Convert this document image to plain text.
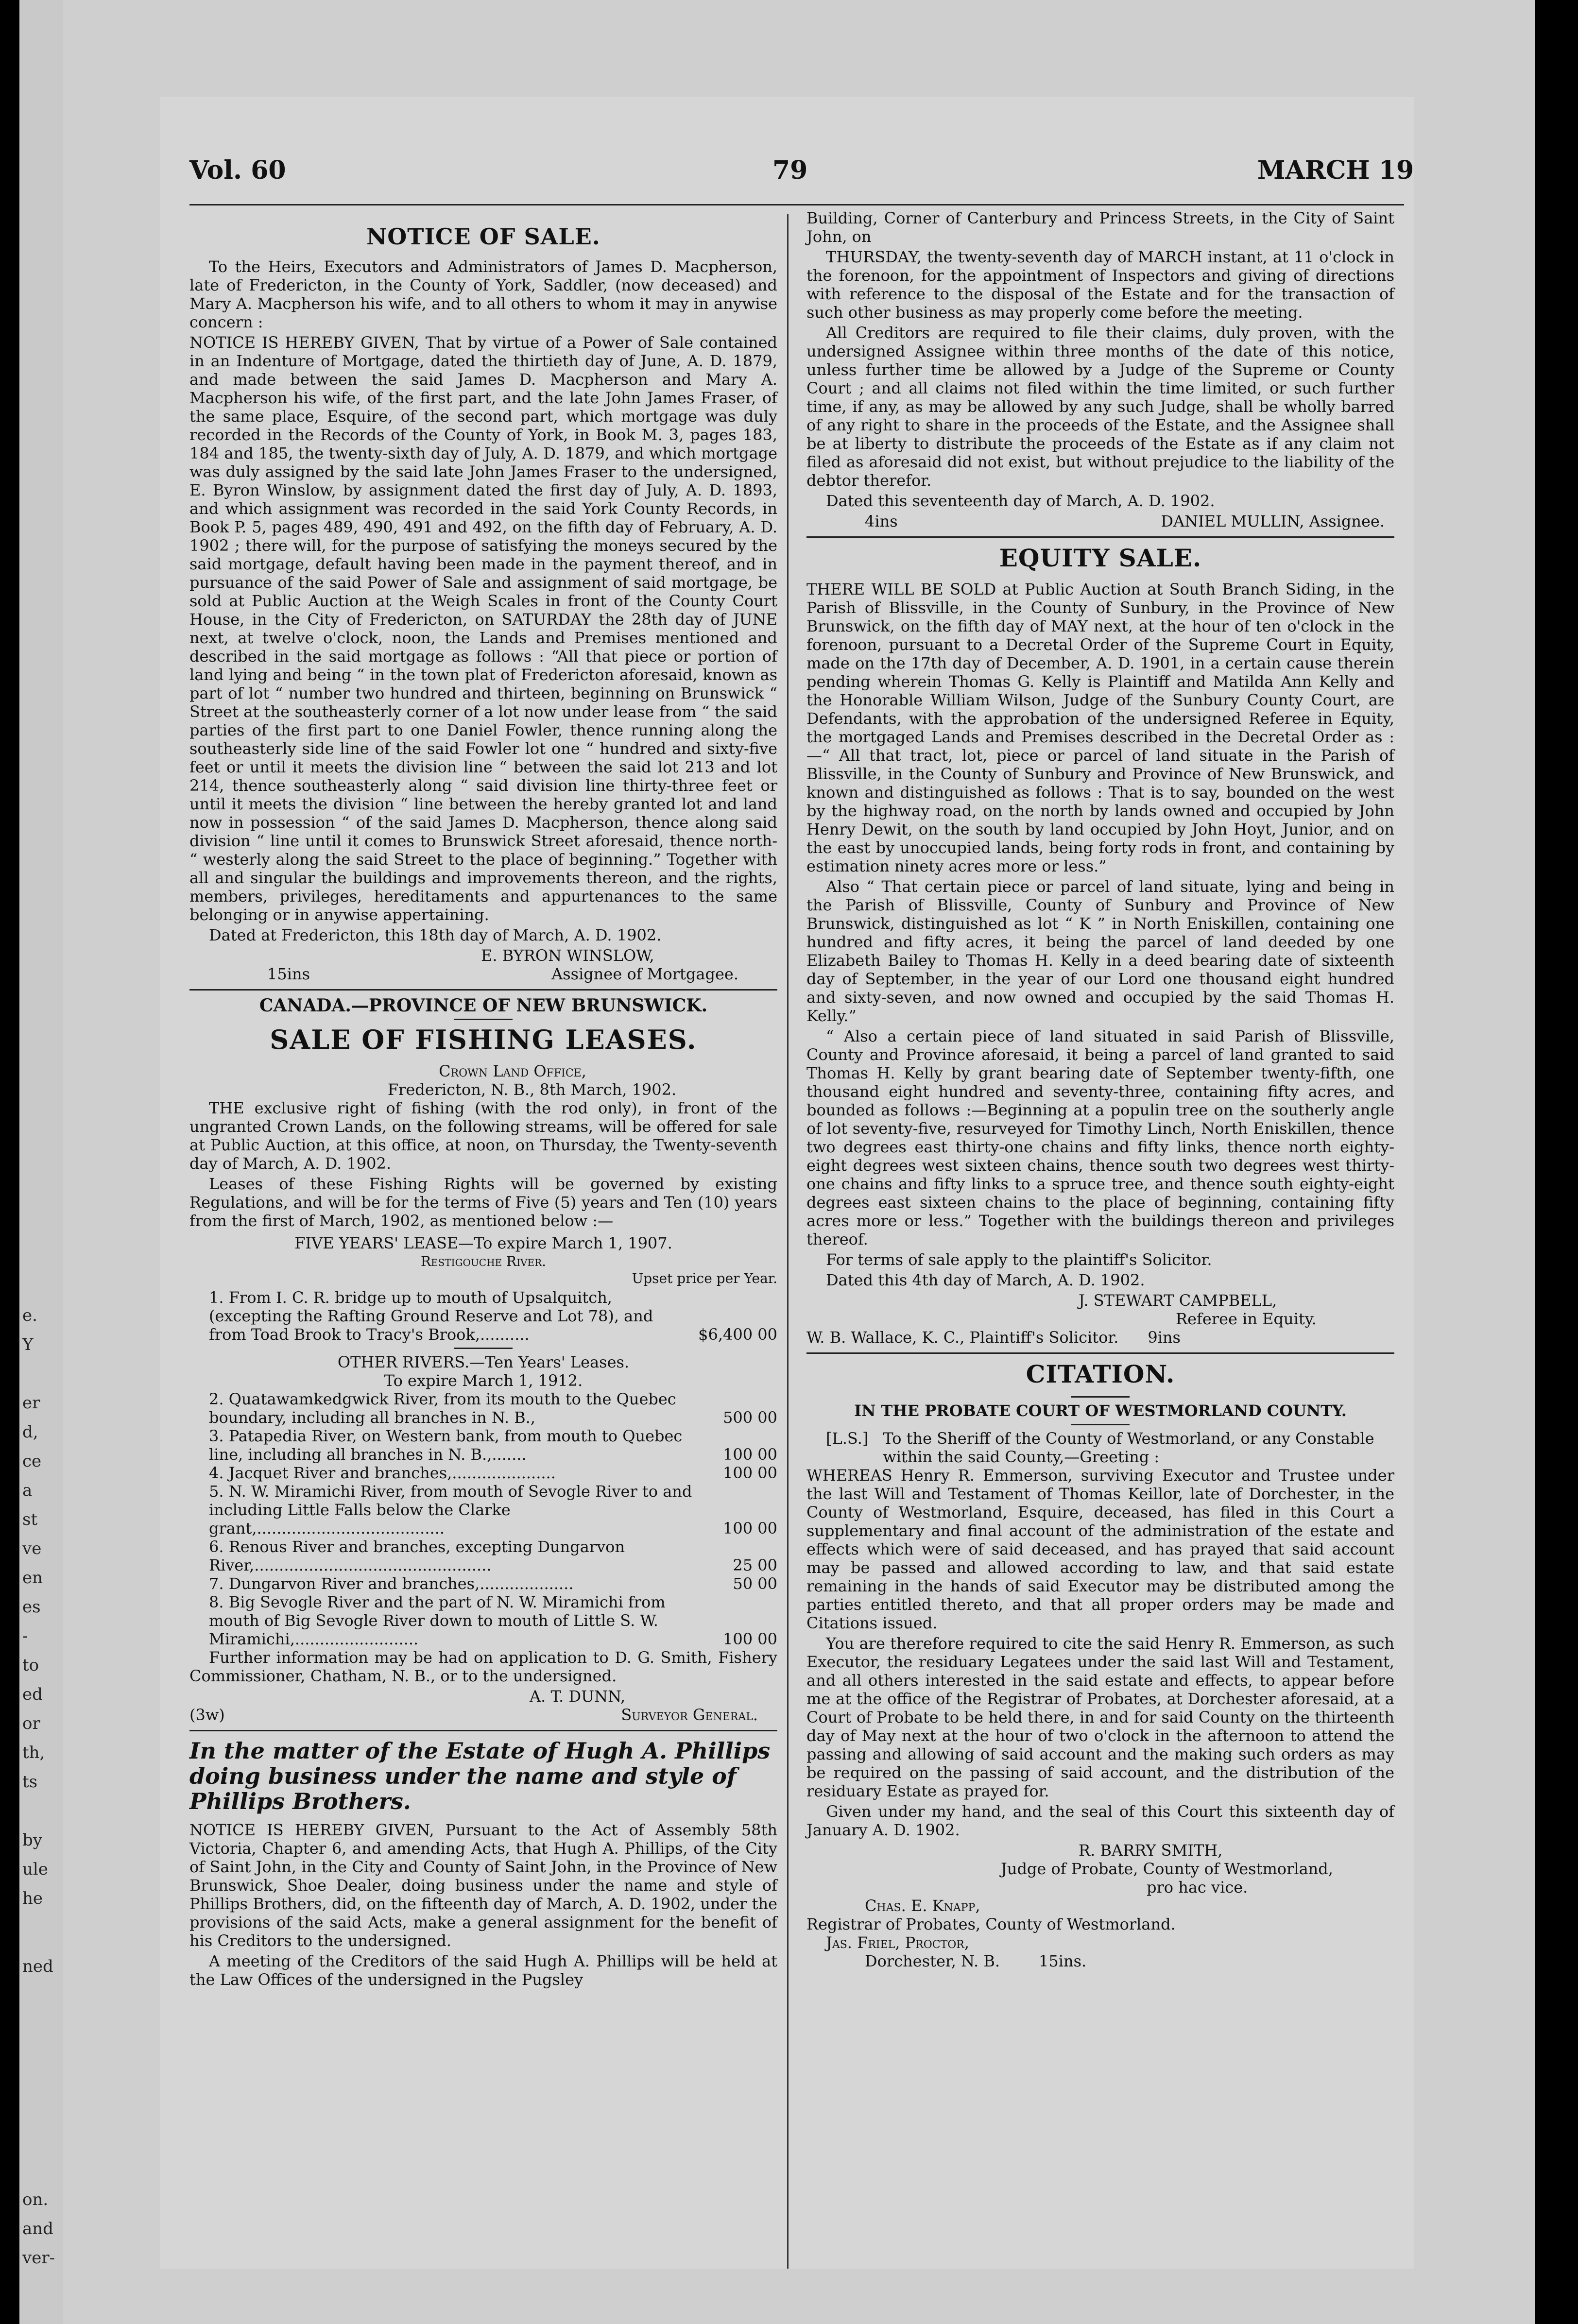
e.
Y
er
d,
ce
a
st
ve
en
es
-
to
ed
or
th,
ts
by
ule
he
ned
on.
and
ver-
Vol. 60	79	MARCH 19
NOTICE OF SALE.
To the Heirs, Executors and Administrators of James D. Macpherson, late of Fredericton, in the County of York, Saddler, (now deceased) and Mary A. Macpherson his wife, and to all others to whom it may in anywise concern :
NOTICE IS HEREBY GIVEN, That by virtue of a Power of Sale contained in an Indenture of Mortgage, dated the thirtieth day of June, A. D. 1879, and made between the said James D. Macpherson and Mary A. Macpherson his wife, of the first part, and the late John James Fraser, of the same place, Esquire, of the second part, which mortgage was duly recorded in the Records of the County of York, in Book M. 3, pages 183, 184 and 185, the twenty-sixth day of July, A. D. 1879, and which mortgage was duly assigned by the said late John James Fraser to the undersigned, E. Byron Winslow, by assignment dated the first day of July, A. D. 1893, and which assignment was recorded in the said York County Records, in Book P. 5, pages 489, 490, 491 and 492, on the fifth day of February, A. D. 1902 ; there will, for the purpose of satisfying the moneys secured by the said mortgage, default having been made in the payment thereof, and in pursuance of the said Power of Sale and assignment of said mortgage, be sold at Public Auction at the Weigh Scales in front of the County Court House, in the City of Fredericton, on SATURDAY the 28th day of JUNE next, at twelve o'clock, noon, the Lands and Premises mentioned and described in the said mortgage as follows : “All that piece or portion of land lying and being “ in the town plat of Fredericton aforesaid, known as part of lot “ number two hundred and thirteen, beginning on Brunswick “ Street at the southeasterly corner of a lot now under lease from “ the said parties of the first part to one Daniel Fowler, thence running along the southeasterly side line of the said Fowler lot one “ hundred and sixty-five feet or until it meets the division line “ between the said lot 213 and lot 214, thence southeasterly along “ said division line thirty-three feet or until it meets the division “ line between the hereby granted lot and land now in possession “ of the said James D. Macpherson, thence along said division “ line until it comes to Brunswick Street aforesaid, thence north- “ westerly along the said Street to the place of beginning.” Together with all and singular the buildings and improvements thereon, and the rights, members, privileges, hereditaments and appurtenances to the same belonging or in anywise appertaining.
Dated at Fredericton, this 18th day of March, A. D. 1902.
E. BYRON WINSLOW,
15ins	Assignee of Mortgagee.
CANADA.—PROVINCE OF NEW BRUNSWICK.
SALE OF FISHING LEASES.
Crown Land Office,
Fredericton, N. B., 8th March, 1902.
THE exclusive right of fishing (with the rod only), in front of the ungranted Crown Lands, on the following streams, will be offered for sale at Public Auction, at this office, at noon, on Thursday, the Twenty-seventh day of March, A. D. 1902.
Leases of these Fishing Rights will be governed by existing Regulations, and will be for the terms of Five (5) years and Ten (10) years from the first of March, 1902, as mentioned below :—
FIVE YEARS' LEASE—To expire March 1, 1907.
Restigouche River.
Upset price per Year.
1. From I. C. R. bridge up to mouth of Upsalquitch, (excepting the Rafting Ground Reserve and Lot 78), and from Toad Brook to Tracy's Brook,..........	$6,400 00
OTHER RIVERS.—Ten Years' Leases.
To expire March 1, 1912.
2. Quatawamkedgwick River, from its mouth to the Quebec boundary, including all branches in N. B.,	500 00
3. Patapedia River, on Western bank, from mouth to Quebec line, including all branches in N. B.,.......	100 00
4. Jacquet River and branches,.....................	100 00
5. N. W. Miramichi River, from mouth of Sevogle River to and including Little Falls below the Clarke grant,......................................	100 00
6. Renous River and branches, excepting Dungarvon River,................................................	25 00
7. Dungarvon River and branches,...................	50 00
8. Big Sevogle River and the part of N. W. Miramichi from mouth of Big Sevogle River down to mouth of Little S. W. Miramichi,.........................	100 00
Further information may be had on application to D. G. Smith, Fishery Commissioner, Chatham, N. B., or to the undersigned.
A. T. DUNN,
(3w)	Surveyor General.
In the matter of the Estate of Hugh A. Phillips doing business under the name and style of Phillips Brothers.
NOTICE IS HEREBY GIVEN, Pursuant to the Act of Assembly 58th Victoria, Chapter 6, and amending Acts, that Hugh A. Phillips, of the City of Saint John, in the City and County of Saint John, in the Province of New Brunswick, Shoe Dealer, doing business under the name and style of Phillips Brothers, did, on the fifteenth day of March, A. D. 1902, under the provisions of the said Acts, make a general assignment for the benefit of his Creditors to the undersigned.
A meeting of the Creditors of the said Hugh A. Phillips will be held at the Law Offices of the undersigned in the Pugsley
Building, Corner of Canterbury and Princess Streets, in the City of Saint John, on
THURSDAY, the twenty-seventh day of MARCH instant, at 11 o'clock in the forenoon, for the appointment of Inspectors and giving of directions with reference to the disposal of the Estate and for the transaction of such other business as may properly come before the meeting.
All Creditors are required to file their claims, duly proven, with the undersigned Assignee within three months of the date of this notice, unless further time be allowed by a Judge of the Supreme or County Court ; and all claims not filed within the time limited, or such further time, if any, as may be allowed by any such Judge, shall be wholly barred of any right to share in the proceeds of the Estate, and the Assignee shall be at liberty to distribute the proceeds of the Estate as if any claim not filed as aforesaid did not exist, but without prejudice to the liability of the debtor therefor.
Dated this seventeenth day of March, A. D. 1902.
4ins	DANIEL MULLIN, Assignee.
EQUITY SALE.
THERE WILL BE SOLD at Public Auction at South Branch Siding, in the Parish of Blissville, in the County of Sunbury, in the Province of New Brunswick, on the fifth day of MAY next, at the hour of ten o'clock in the forenoon, pursuant to a Decretal Order of the Supreme Court in Equity, made on the 17th day of December, A. D. 1901, in a certain cause therein pending wherein Thomas G. Kelly is Plaintiff and Matilda Ann Kelly and the Honorable William Wilson, Judge of the Sunbury County Court, are Defendants, with the approbation of the undersigned Referee in Equity, the mortgaged Lands and Premises described in the Decretal Order as :—“ All that tract, lot, piece or parcel of land situate in the Parish of Blissville, in the County of Sunbury and Province of New Brunswick, and known and distinguished as follows : That is to say, bounded on the west by the highway road, on the north by lands owned and occupied by John Henry Dewit, on the south by land occupied by John Hoyt, Junior, and on the east by unoccupied lands, being forty rods in front, and containing by estimation ninety acres more or less.”
Also “ That certain piece or parcel of land situate, lying and being in the Parish of Blissville, County of Sunbury and Province of New Brunswick, distinguished as lot “ K ” in North Eniskillen, containing one hundred and fifty acres, it being the parcel of land deeded by one Elizabeth Bailey to Thomas H. Kelly in a deed bearing date of sixteenth day of September, in the year of our Lord one thousand eight hundred and sixty-seven, and now owned and occupied by the said Thomas H. Kelly.”
“ Also a certain piece of land situated in said Parish of Blissville, County and Province aforesaid, it being a parcel of land granted to said Thomas H. Kelly by grant bearing date of September twenty-fifth, one thousand eight hundred and seventy-three, containing fifty acres, and bounded as follows :—Beginning at a populin tree on the southerly angle of lot seventy-five, resurveyed for Timothy Linch, North Eniskillen, thence two degrees east thirty-one chains and fifty links, thence north eighty-eight degrees west sixteen chains, thence south two degrees west thirty-one chains and fifty links to a spruce tree, and thence south eighty-eight degrees east sixteen chains to the place of beginning, containing fifty acres more or less.” Together with the buildings thereon and privileges thereof.
For terms of sale apply to the plaintiff's Solicitor.
Dated this 4th day of March, A. D. 1902.
J. STEWART CAMPBELL,
Referee in Equity.
W. B. Wallace, K. C., Plaintiff's Solicitor. 9ins
CITATION.
IN THE PROBATE COURT OF WESTMORLAND COUNTY.
[L.S.] To the Sheriff of the County of Westmorland, or any Constable within the said County,—Greeting :
WHEREAS Henry R. Emmerson, surviving Executor and Trustee under the last Will and Testament of Thomas Keillor, late of Dorchester, in the County of Westmorland, Esquire, deceased, has filed in this Court a supplementary and final account of the administration of the estate and effects which were of said deceased, and has prayed that said account may be passed and allowed according to law, and that said estate remaining in the hands of said Executor may be distributed among the parties entitled thereto, and that all proper orders may be made and Citations issued.
You are therefore required to cite the said Henry R. Emmerson, as such Executor, the residuary Legatees under the said last Will and Testament, and all others interested in the said estate and effects, to appear before me at the office of the Registrar of Probates, at Dorchester aforesaid, at a Court of Probate to be held there, in and for said County on the thirteenth day of May next at the hour of two o'clock in the afternoon to attend the passing and allowing of said account and the making such orders as may be required on the passing of said account, and the distribution of the residuary Estate as prayed for.
Given under my hand, and the seal of this Court this sixteenth day of January A. D. 1902.
R. BARRY SMITH,
Judge of Probate, County of Westmorland,
pro hac vice.
Chas. E. Knapp,
Registrar of Probates, County of Westmorland.
Jas. Friel, Proctor,
Dorchester, N. B.	15ins.
